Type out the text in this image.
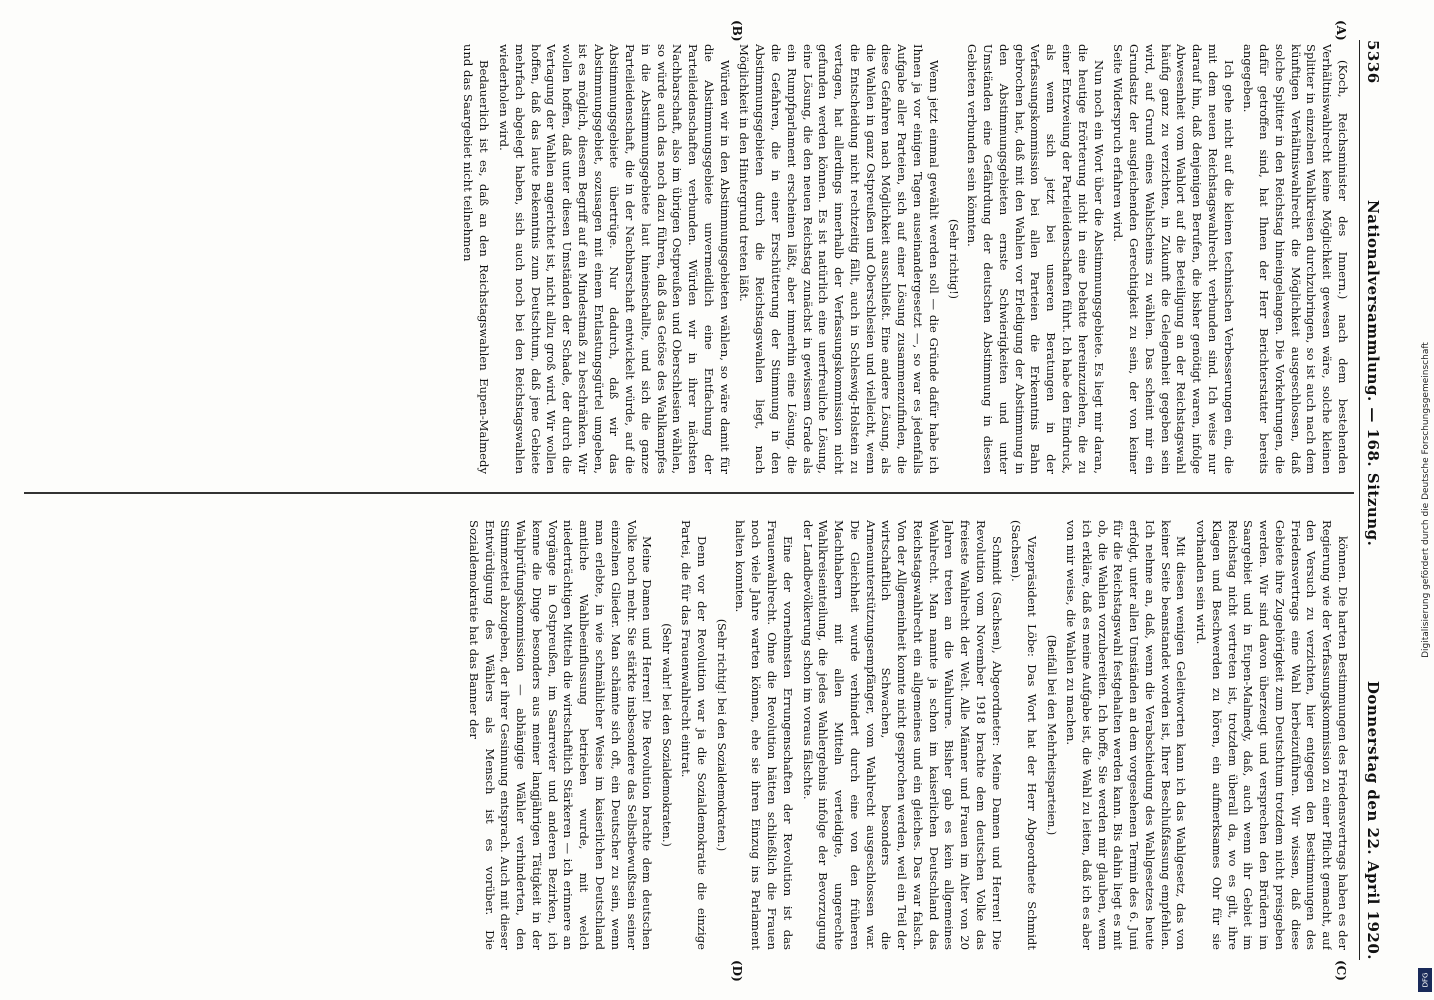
5336
Nationalversammlung. — 168. Sitzung.
Donnerstag den 22. April 1920.
(A)
(B)
(C)
(D)

(Koch, Reichsminister des Innern.) nach dem bestehenden Verhältniswahlrecht keine Möglichkeit gewesen wäre, solche kleinen Splitter in einzelnen Wahlkreisen durchzubringen, so ist auch nach dem künftigen Verhältniswahlrecht die Möglichkeit ausgeschlossen, daß solche Splitter in den Reichstag hineingelangen. Die Vorkehrungen, die dafür getroffen sind, hat Ihnen der Herr Berichterstatter bereits angegeben.

Ich gehe nicht auf die kleinen technischen Verbesserungen ein, die mit dem neuen Reichstagswahlrecht verbunden sind. Ich weise nur darauf hin, daß denjenigen Berufen, die bisher genötigt waren, infolge Abwesenheit vom Wahlort auf die Beteiligung an der Reichstagswahl häufig ganz zu verzichten, in Zukunft die Gelegenheit gegeben sein wird, auf Grund eines Wahlscheins zu wählen. Das scheint mir ein Grundsatz der ausgleichenden Gerechtigkeit zu sein, der von keiner Seite Widerspruch erfahren wird.

Nun noch ein Wort über die Abstimmungsgebiete. Es liegt mir daran, die heutige Erörterung nicht in eine Debatte hereinzuziehen, die zu einer Entzweiung der Parteileidenschaften führt. Ich habe den Eindruck, als wenn sich jetzt bei unseren Beratungen in der Verfassungskommission bei allen Parteien die Erkenntnis Bahn gebrochen hat, daß mit den Wahlen vor Erledigung der Abstimmung in den Abstimmungsgebieten ernste Schwierigkeiten und unter Umständen eine Gefährdung der deutschen Abstimmung in diesen Gebieten verbunden sein könnten.

(Sehr richtig!)

Wenn jetzt einmal gewählt werden soll — die Gründe dafür habe ich Ihnen ja vor einigen Tagen auseinandergesetzt —, so war es jedenfalls Aufgabe aller Parteien, sich auf einer Lösung zusammenzufinden, die diese Gefahren nach Möglichkeit ausschließt. Eine andere Lösung, als die Wahlen in ganz Ostpreußen und Oberschlesien und vielleicht, wenn die Entscheidung nicht rechtzeitig fällt, auch in Schleswig-Holstein zu vertagen, hat allerdings innerhalb der Verfassungskommission nicht gefunden werden können. Es ist natürlich eine unerfreuliche Lösung, eine Lösung, die den neuen Reichstag zunächst in gewissem Grade als ein Rumpfparlament erscheinen läßt, aber immerhin eine Lösung, die die Gefahren, die in einer Erschütterung der Stimmung in den Abstimmungsgebieten durch die Reichstagswahlen liegt, nach Möglichkeit in den Hintergrund treten läßt.

Würden wir in den Abstimmungsgebieten wählen, so wäre damit für die Abstimmungsgebiete unvermeidlich eine Entfachung der Parteileidenschaften verbunden. Würden wir in ihrer nächsten Nachbarschaft, also im übrigen Ostpreußen und Oberschlesien wählen, so würde auch das noch dazu führen, daß das Getöse des Wahlkampfes in die Abstimmungsgebiete laut hineinschallte, und sich die ganze Parteileidenschaft, die in der Nachbarschaft entwickelt würde, auf die Abstimmungsgebiete übertrüge. Nur dadurch, daß wir das Abstimmungsgebiet, sozusagen mit einem Entlastungsgürtel umgeben, ist es möglich, diesem Begriff auf ein Mindestmaß zu beschränken. Wir wollen hoffen, daß unter diesen Umständen der Schade, der durch die Vertagung der Wahlen angerichtet ist, nicht allzu groß wird. Wir wollen hoffen, daß das laute Bekenntnis zum Deutschtum, daß jene Gebiete mehrfach abgelegt haben, sich auch noch bei den Reichstagswahlen wiederholen wird.

Bedauerlich ist es, daß an den Reichstagswahlen Eupen-Malmedy und das Saargebiet nicht teilnehmen

können. Die harten Bestimmungen des Friedensvertrags haben es der Regierung wie der Verfassungskommission zu einer Pflicht gemacht, auf den Versuch zu verzichten, hier entgegen den Bestimmungen des Friedensvertrags eine Wahl herbeizuführen. Wir wissen, daß diese Gebiete ihre Zugehörigkeit zum Deutschtum trotzdem nicht preisgeben werden. Wir sind davon überzeugt und versprechen den Brüdern im Saargebiet und in Eupen-Malmedy, daß, auch wenn ihr Gebiet im Reichstag nicht vertreten ist, trotzdem überall da, wo es gilt, ihre Klagen und Beschwerden zu hören, ein aufmerksames Ohr für sie vorhanden sein wird.

Mit diesen wenigen Geleitworten kann ich das Wahlgesetz, das von keiner Seite beanstandet worden ist, Ihrer Beschlußfassung empfehlen. Ich nehme an, daß, wenn die Verabschiedung des Wahlgesetzes heute erfolgt, unter allen Umständen an dem vorgesehenen Termin des 6. Juni für die Reichstagswahl festgehalten werden kann. Bis dahin liegt es mit ob, die Wahlen vorzubereiten. Ich hoffe, Sie werden mir glauben, wenn ich erkläre, daß es meine Aufgabe ist, die Wahl zu leiten, daß ich es aber von mir weise, die Wahlen zu machen.

(Beifall bei den Mehrheitsparteien.)

Vizepräsident Löbe: Das Wort hat der Herr Abgeordnete Schmidt (Sachsen).

Schmidt (Sachsen), Abgeordneter: Meine Damen und Herren! Die Revolution vom November 1918 brachte dem deutschen Volke das freieste Wahlrecht der Welt. Alle Männer und Frauen im Alter von 20 Jahren treten an die Wahlurne. Bisher gab es kein allgemeines Wahlrecht. Man nannte ja schon im kaiserlichen Deutschland das Reichstagswahlrecht ein allgemeines und ein gleiches. Das war falsch. Von der Allgemeinheit konnte nicht gesprochen werden, weil ein Teil der wirtschaftlich Schwachen, besonders die Armenunterstützungsempfänger, vom Wahlrecht ausgeschlossen war. Die Gleichheit wurde verhindert durch eine von den früheren Machthabern mit allen Mitteln verteidigte, ungerechte Wahlkreiseinteilung, die jedes Wahlergebnis infolge der Bevorzugung der Landbevölkerung schon im voraus fälschte.

Eine der vornehmsten Errungenschaften der Revolution ist das Frauenwahlrecht. Ohne die Revolution hätten schließlich die Frauen noch viele Jahre warten können, ehe sie ihren Einzug ins Parlament halten konnten.

(Sehr richtig! bei den Sozialdemokraten.)

Denn vor der Revolution war ja die Sozialdemokratie die einzige Partei, die für das Frauenwahlrecht eintrat.

(Sehr wahr! bei den Sozialdemokraten.)

Meine Damen und Herren! Die Revolution brachte dem deutschen Volke noch mehr. Sie stärkte insbesondere das Selbstbewußtsein seiner einzelnen Glieder. Man schämte sich oft, ein Deutscher zu sein, wenn man erlebte, in wie schmählicher Weise im kaiserlichen Deutschland amtliche Wahlbeeinflussung betrieben wurde, mit welch niederträchtigen Mitteln die wirtschaftlich Stärkeren — ich erinnere an Vorgänge in Ostpreußen, im Saarrevier und anderen Bezirken, ich kenne die Dinge besonders aus meiner langjährigen Tätigkeit in der Wahlprüfungskommission — abhängige Wähler verhinderten, den Stimmzettel abzugeben, der ihrer Gesinnung entsprach. Auch mit dieser Entwürdigung des Wählers als Mensch ist es vorüber. Die Sozialdemokratie hat das Banner der	Digitalisierung gefördert durch die Deutsche Forschungsgemeinschaft
DFG
